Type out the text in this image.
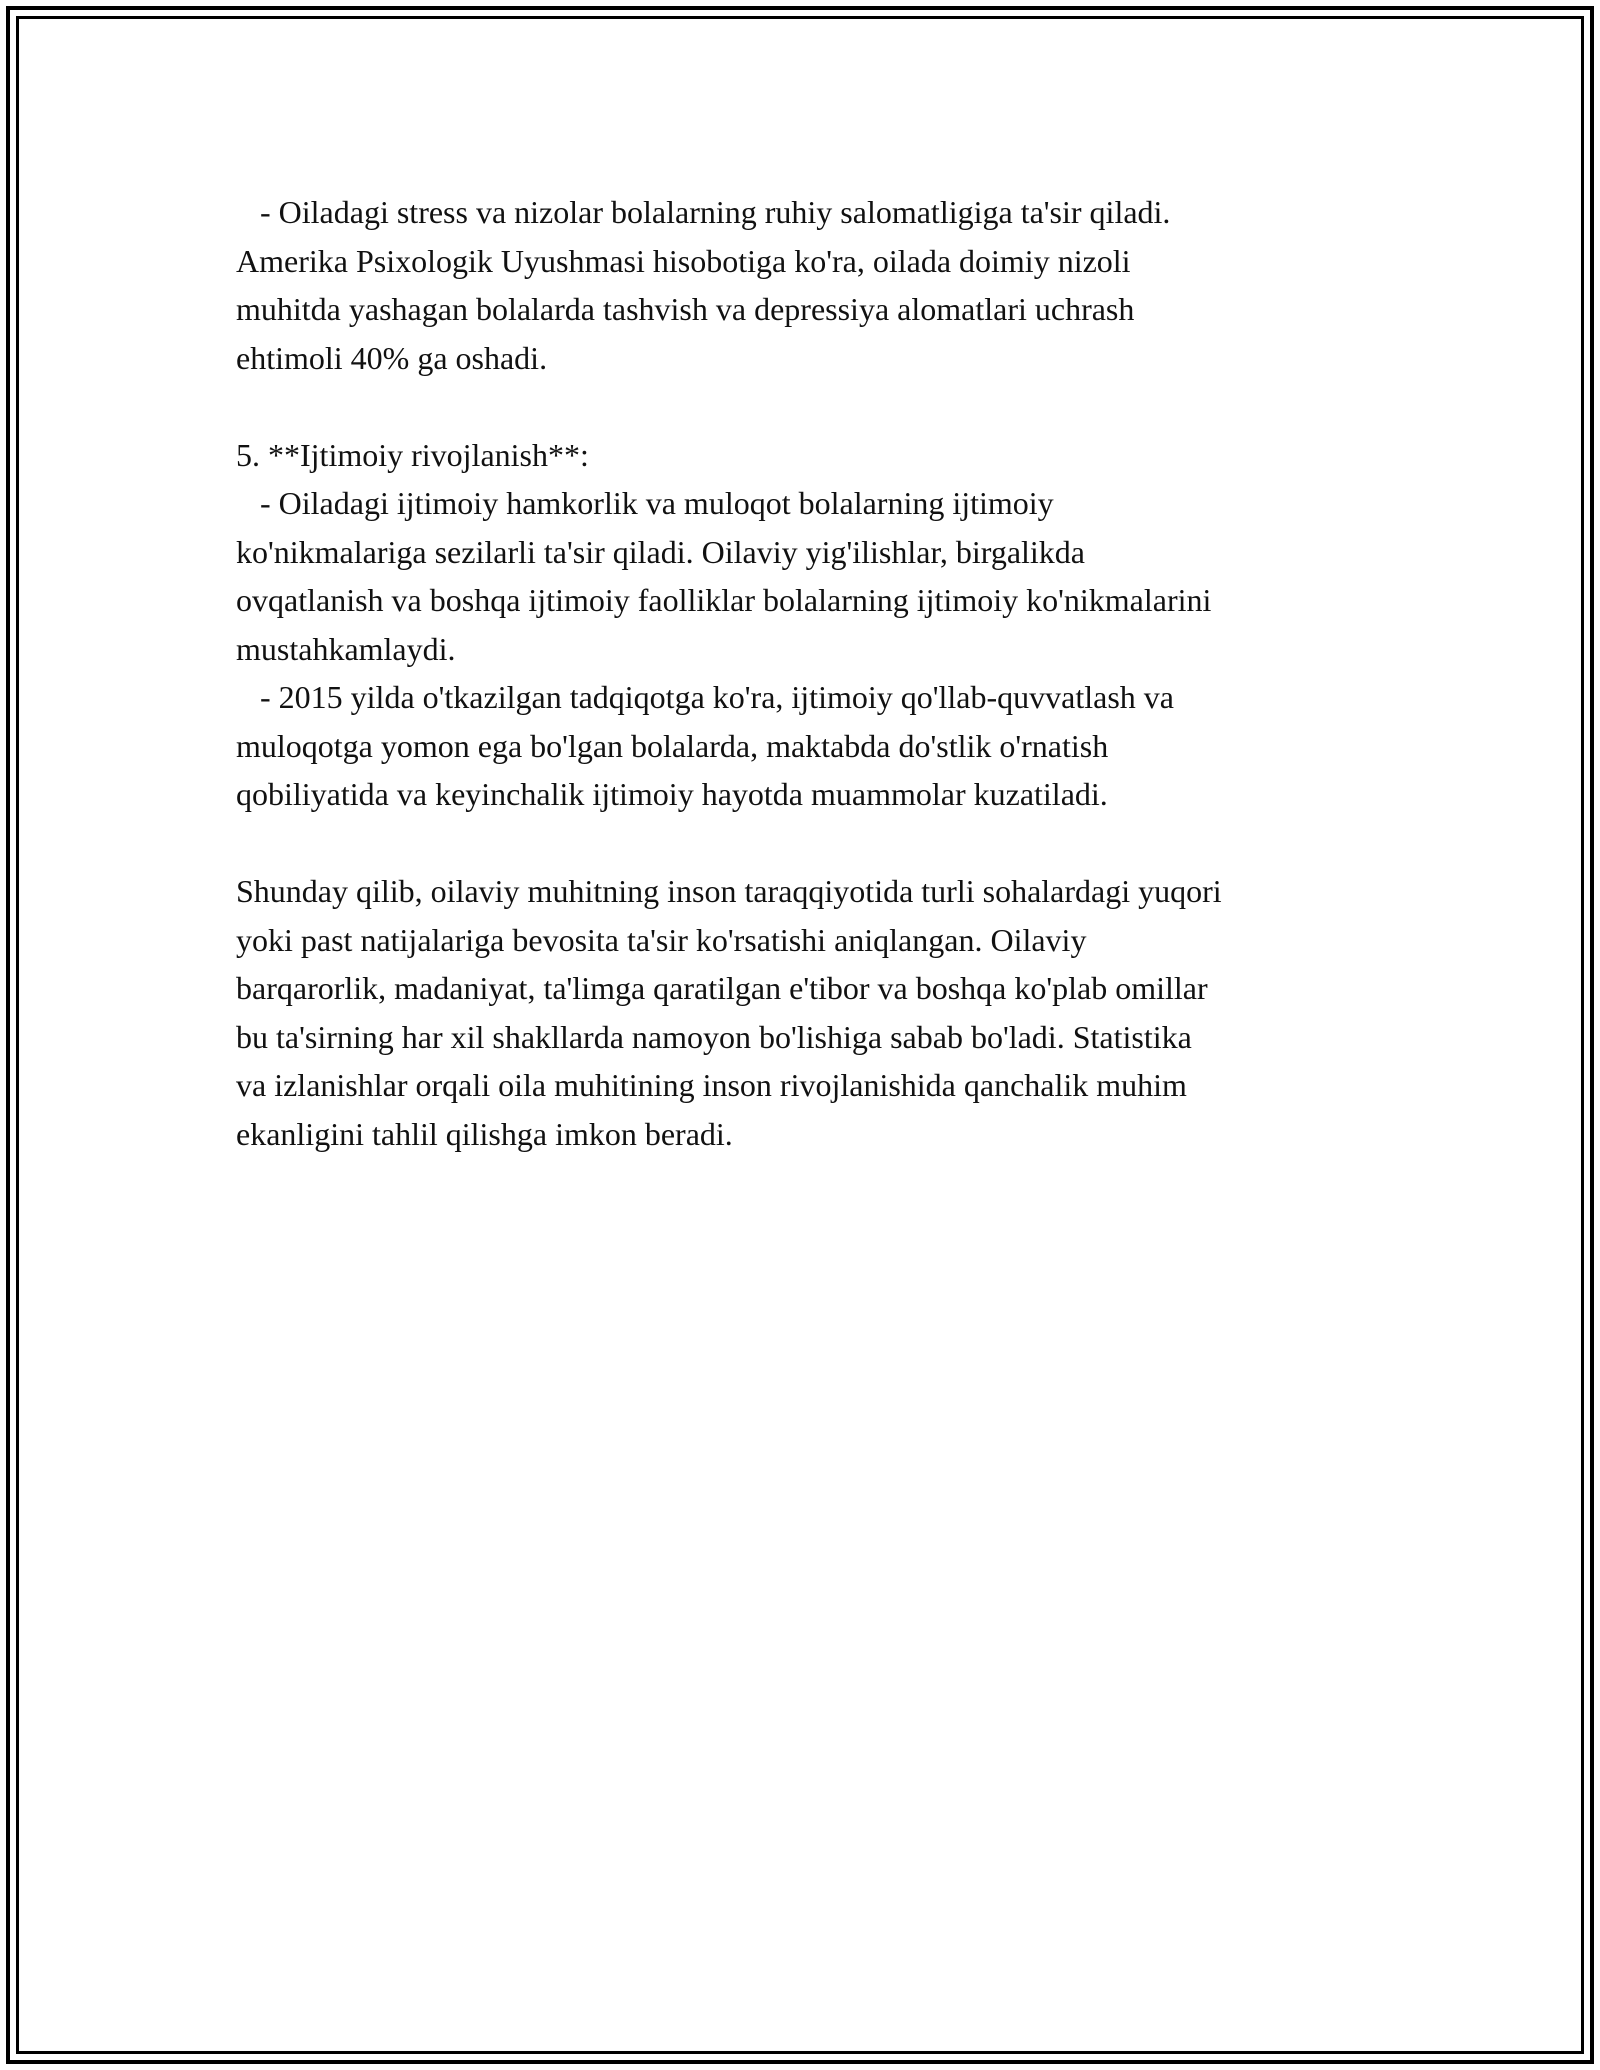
- Oiladagi stress va nizolar bolalarning ruhiy salomatligiga ta'sir qiladi.

Amerika Psixologik Uyushmasi hisobotiga ko'ra, oilada doimiy nizoli

muhitda yashagan bolalarda tashvish va depressiya alomatlari uchrash

ehtimoli 40% ga oshadi.

5. **Ijtimoiy rivojlanish**:

- Oiladagi ijtimoiy hamkorlik va muloqot bolalarning ijtimoiy

ko'nikmalariga sezilarli ta'sir qiladi. Oilaviy yig'ilishlar, birgalikda

ovqatlanish va boshqa ijtimoiy faolliklar bolalarning ijtimoiy ko'nikmalarini

mustahkamlaydi.

- 2015 yilda o'tkazilgan tadqiqotga ko'ra, ijtimoiy qo'llab-quvvatlash va

muloqotga yomon ega bo'lgan bolalarda, maktabda do'stlik o'rnatish

qobiliyatida va keyinchalik ijtimoiy hayotda muammolar kuzatiladi.

Shunday qilib, oilaviy muhitning inson taraqqiyotida turli sohalardagi yuqori

yoki past natijalariga bevosita ta'sir ko'rsatishi aniqlangan. Oilaviy

barqarorlik, madaniyat, ta'limga qaratilgan e'tibor va boshqa ko'plab omillar

bu ta'sirning har xil shakllarda namoyon bo'lishiga sabab bo'ladi. Statistika

va izlanishlar orqali oila muhitining inson rivojlanishida qanchalik muhim

ekanligini tahlil qilishga imkon beradi.
